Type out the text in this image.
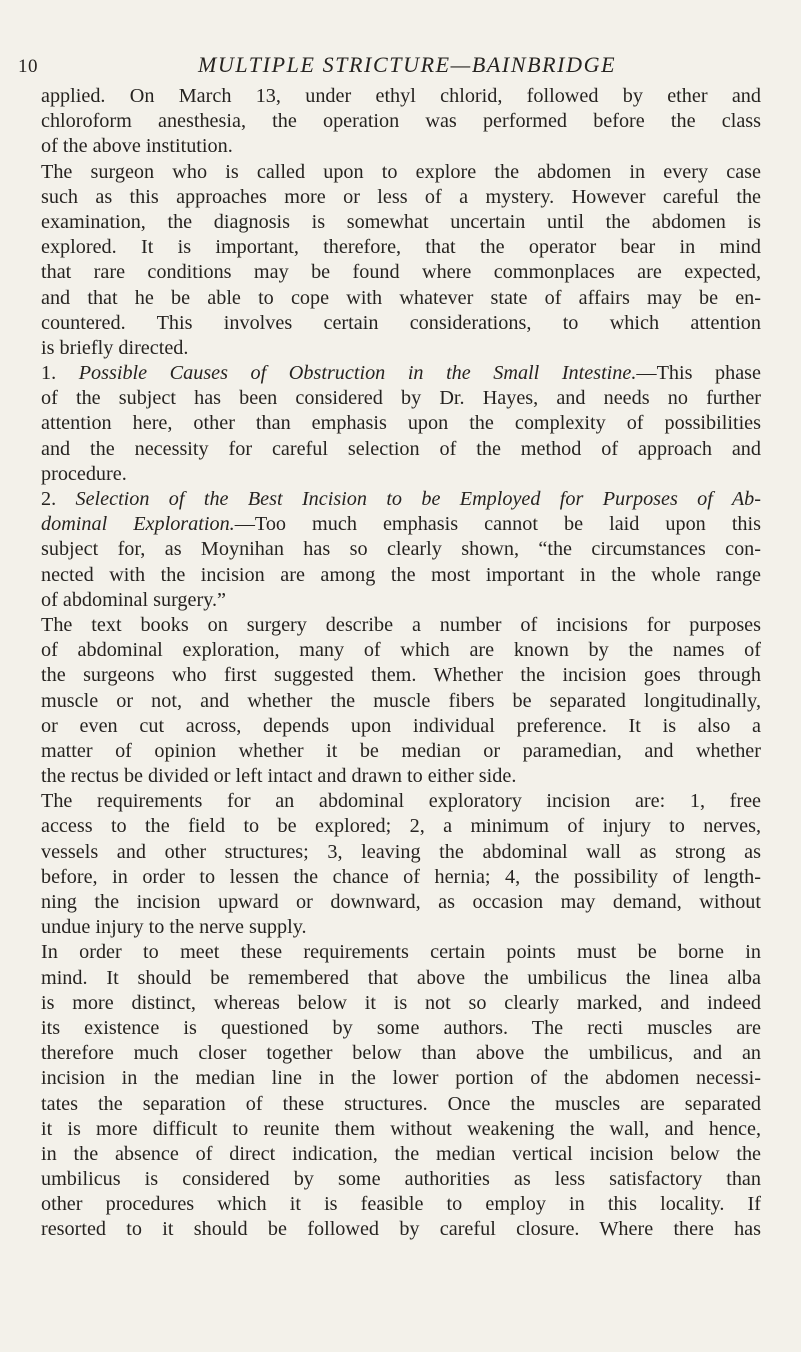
10	MULTIPLE STRICTURE—BAINBRIDGE
applied. On March 13, under ethyl chlorid, followed by ether and
chloroform anesthesia, the operation was performed before the class
of the above institution.
The surgeon who is called upon to explore the abdomen in every case
such as this approaches more or less of a mystery. However careful the
examination, the diagnosis is somewhat uncertain until the abdomen is
explored. It is important, therefore, that the operator bear in mind
that rare conditions may be found where commonplaces are expected,
and that he be able to cope with whatever state of affairs may be en-
countered. This involves certain considerations, to which attention
is briefly directed.
1. Possible Causes of Obstruction in the Small Intestine.—This phase
of the subject has been considered by Dr. Hayes, and needs no further
attention here, other than emphasis upon the complexity of possibilities
and the necessity for careful selection of the method of approach and
procedure.
2. Selection of the Best Incision to be Employed for Purposes of Ab-
dominal Exploration.—Too much emphasis cannot be laid upon this
subject for, as Moynihan has so clearly shown, “the circumstances con-
nected with the incision are among the most important in the whole range
of abdominal surgery.”
The text books on surgery describe a number of incisions for purposes
of abdominal exploration, many of which are known by the names of
the surgeons who first suggested them. Whether the incision goes through
muscle or not, and whether the muscle fibers be separated longitudinally,
or even cut across, depends upon individual preference. It is also a
matter of opinion whether it be median or paramedian, and whether
the rectus be divided or left intact and drawn to either side.
The requirements for an abdominal exploratory incision are: 1, free
access to the field to be explored; 2, a minimum of injury to nerves,
vessels and other structures; 3, leaving the abdominal wall as strong as
before, in order to lessen the chance of hernia; 4, the possibility of length-
ning the incision upward or downward, as occasion may demand, without
undue injury to the nerve supply.
In order to meet these requirements certain points must be borne in
mind. It should be remembered that above the umbilicus the linea alba
is more distinct, whereas below it is not so clearly marked, and indeed
its existence is questioned by some authors. The recti muscles are
therefore much closer together below than above the umbilicus, and an
incision in the median line in the lower portion of the abdomen necessi-
tates the separation of these structures. Once the muscles are separated
it is more difficult to reunite them without weakening the wall, and hence,
in the absence of direct indication, the median vertical incision below the
umbilicus is considered by some authorities as less satisfactory than
other procedures which it is feasible to employ in this locality. If
resorted to it should be followed by careful closure. Where there has
